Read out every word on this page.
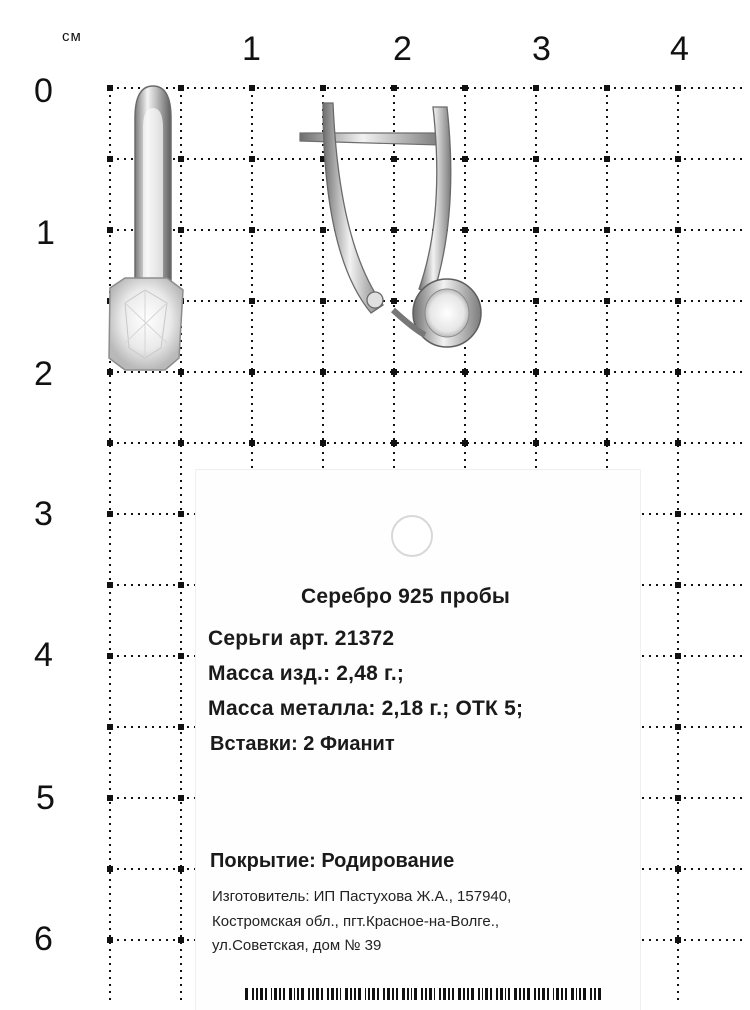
см	1	2	3	4
0
1
2
3
4
5
6
Серебро 925 пробы
Серьги арт. 21372
Масса изд.: 2,48 г.;
Масса металла: 2,18 г.; ОТК 5;
Вставки: 2 Фианит
Покрытие: Родирование
Изготовитель: ИП Пастухова Ж.А., 157940,
Костромская обл., пгт.Красное-на-Волге.,
ул.Советская, дом № 39
